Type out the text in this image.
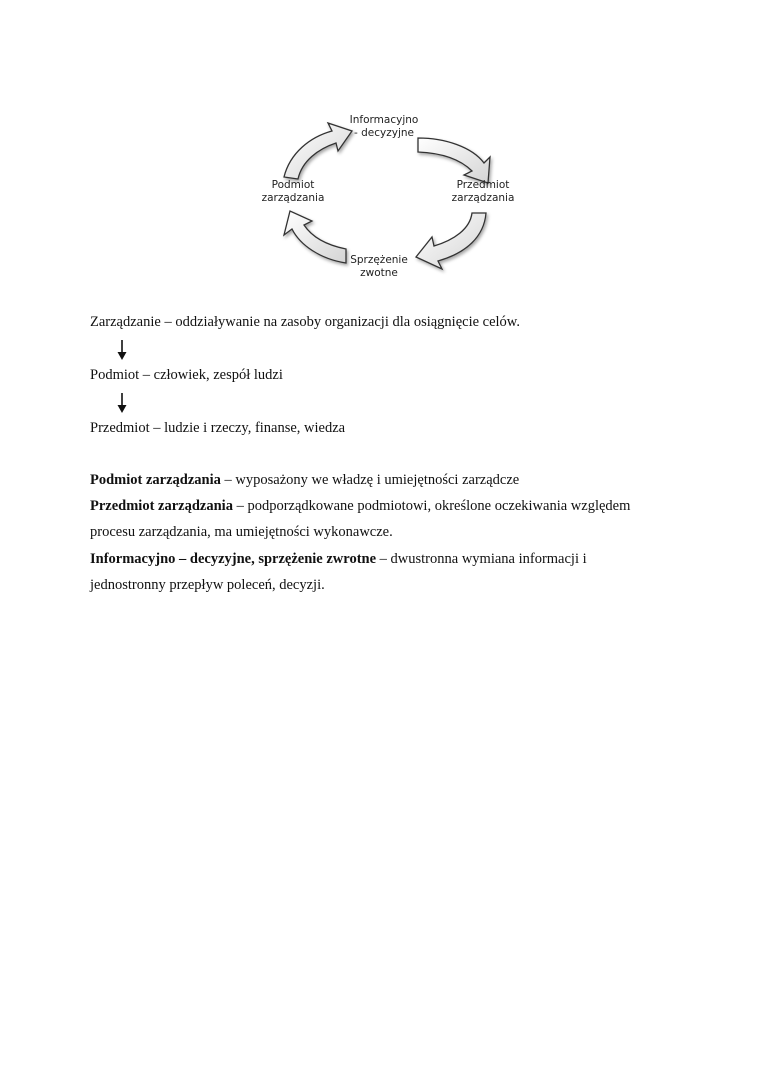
Informacyjno
- decyzyjne
Podmiot
zarządzania
Przedmiot
zarządzania
Sprzężenie
zwotne
Zarządzanie – oddziaływanie na zasoby organizacji dla osiągnięcie celów.
Podmiot – człowiek, zespół ludzi
Przedmiot – ludzie i rzeczy, finanse, wiedza
Podmiot zarządzania – wyposażony we władzę i umiejętności zarządcze
Przedmiot zarządzania – podporządkowane podmiotowi, określone oczekiwania względem
procesu zarządzania, ma umiejętności wykonawcze.
Informacyjno – decyzyjne, sprzężenie zwrotne – dwustronna wymiana informacji i
jednostronny przepływ poleceń, decyzji.
